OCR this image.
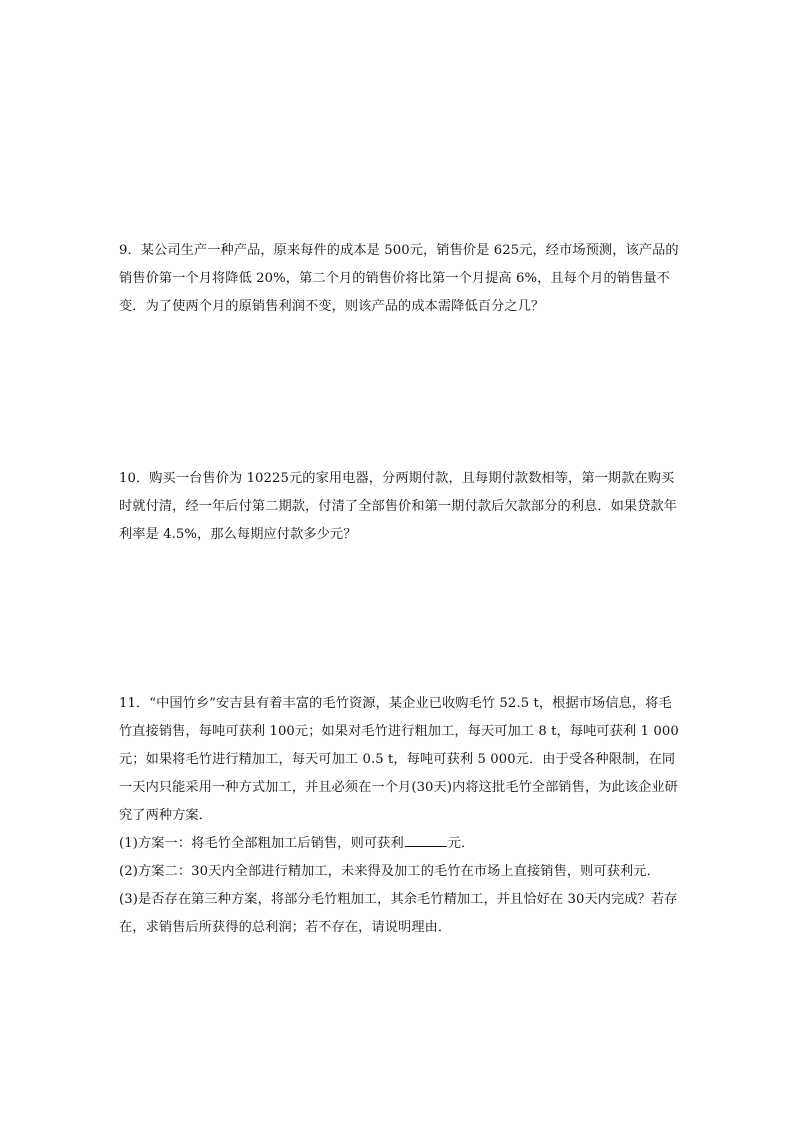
9．某公司生产一种产品，原来每件的成本是 500元，销售价是 625元，经市场预测，该产品的销售价第一个月将降低 20%，第二个月的销售价将比第一个月提高 6%，且每个月的销售量不变．为了使两个月的原销售利润不变，则该产品的成本需降低百分之几？

10．购买一台售价为 10225元的家用电器，分两期付款，且每期付款数相等，第一期款在购买时就付清，经一年后付第二期款，付清了全部售价和第一期付款后欠款部分的利息．如果贷款年利率是 4.5%，那么每期应付款多少元？

11．“中国竹乡”安吉县有着丰富的毛竹资源，某企业已收购毛竹 52.5 t，根据市场信息，将毛竹直接销售，每吨可获利 100元；如果对毛竹进行粗加工，每天可加工 8 t，每吨可获利 1 000元；如果将毛竹进行精加工，每天可加工 0.5 t，每吨可获利 5 000元．由于受各种限制，在同一天内只能采用一种方式加工，并且必须在一个月(30天)内将这批毛竹全部销售，为此该企业研究了两种方案．

(1)方案一：将毛竹全部粗加工后销售，则可获利	元．

(2)方案二：30天内全部进行精加工，未来得及加工的毛竹在市场上直接销售，则可获利元．

(3)是否存在第三种方案，将部分毛竹粗加工，其余毛竹精加工，并且恰好在 30天内完成？若存在，求销售后所获得的总利润；若不存在，请说明理由．
